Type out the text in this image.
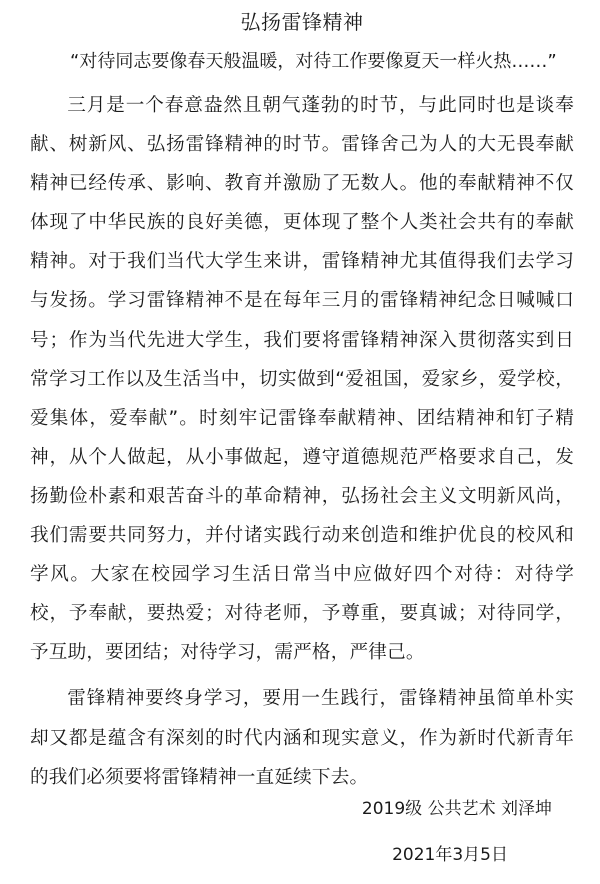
弘扬雷锋精神

“对待同志要像春天般温暖，对待工作要像夏天一样火热……”

三月是一个春意盎然且朝气蓬勃的时节，与此同时也是谈奉献、树新风、弘扬雷锋精神的时节。雷锋舍己为人的大无畏奉献精神已经传承、影响、教育并激励了无数人。他的奉献精神不仅体现了中华民族的良好美德，更体现了整个人类社会共有的奉献精神。对于我们当代大学生来讲，雷锋精神尤其值得我们去学习与发扬。学习雷锋精神不是在每年三月的雷锋精神纪念日喊喊口号；作为当代先进大学生，我们要将雷锋精神深入贯彻落实到日常学习工作以及生活当中，切实做到“爱祖国，爱家乡，爱学校，爱集体，爱奉献”。时刻牢记雷锋奉献精神、团结精神和钉子精神，从个人做起，从小事做起，遵守道德规范严格要求自己，发扬勤俭朴素和艰苦奋斗的革命精神，弘扬社会主义文明新风尚，我们需要共同努力，并付诸实践行动来创造和维护优良的校风和学风。大家在校园学习生活日常当中应做好四个对待：对待学校，予奉献，要热爱；对待老师，予尊重，要真诚；对待同学，予互助，要团结；对待学习，需严格，严律己。

雷锋精神要终身学习，要用一生践行，雷锋精神虽简单朴实却又都是蕴含有深刻的时代内涵和现实意义，作为新时代新青年的我们必须要将雷锋精神一直延续下去。

2019级 公共艺术 刘泽坤
2021年3月5日
